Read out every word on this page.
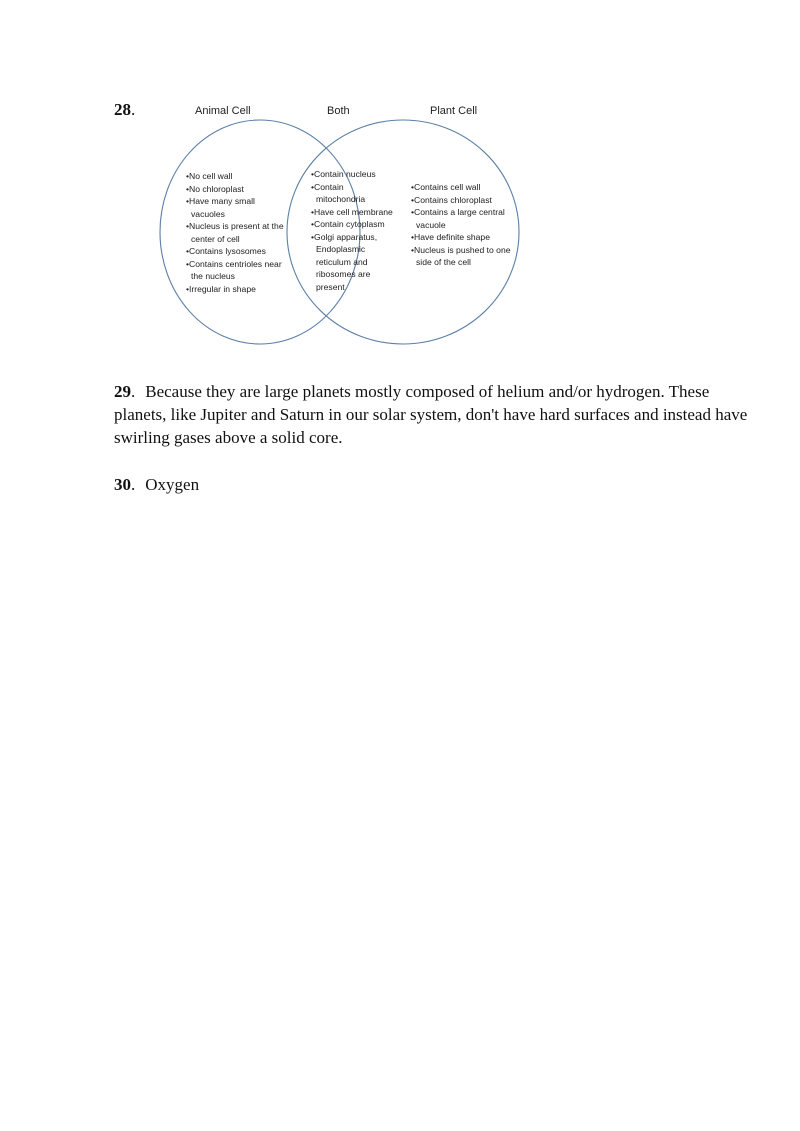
28.	Animal Cell	Both	Plant Cell
• No cell wall
• No chloroplast
• Have many small vacuoles
• Nucleus is present at the center of cell
• Contains lysosomes
• Contains centrioles near the nucleus
• Irregular in shape
• Contain nucleus
• Contain mitochondria
• Have cell membrane
• Contain cytoplasm
• Golgi apparatus, Endoplasmic reticulum and ribosomes are present
• Contains cell wall
• Contains chloroplast
• Contains a large central vacuole
• Have definite shape
• Nucleus is pushed to one side of the cell

29. Because they are large planets mostly composed of helium and/or hydrogen. These planets, like Jupiter and Saturn in our solar system, don't have hard surfaces and instead have swirling gases above a solid core.

30. Oxygen
